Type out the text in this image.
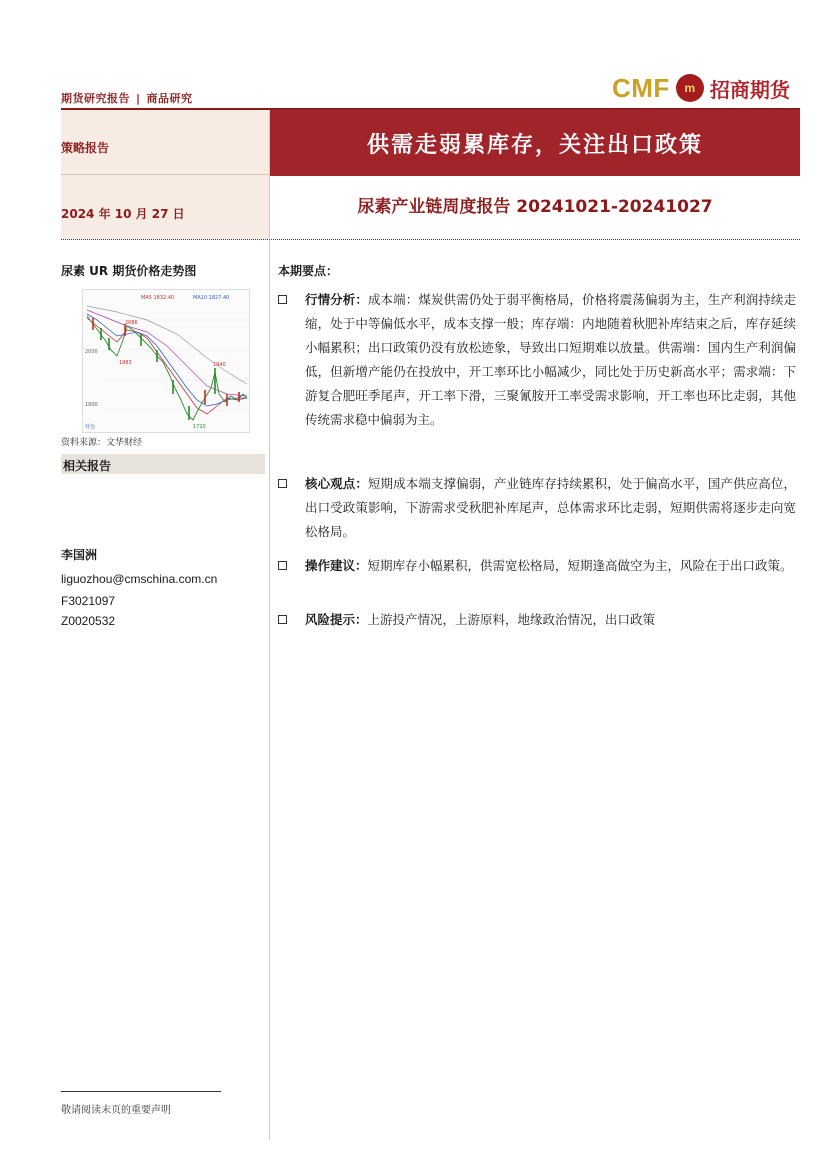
期货研究报告 | 商品研究	CMF	m 招商期货
策略报告
2024 年 10 月 27 日
供需走弱累库存，关注出口政策
尿素产业链周度报告 20241021-20241027
尿素 UR 期货价格走势图
MA5 1832.40	MA10 1827.40
2000
1800
2086
1983	1940
1720
持仓
资料来源：文华财经
相关报告
李国洲
liguozhou@cmschina.com.cn
F3021097
Z0020532
本期要点：
行情分析：成本端：煤炭供需仍处于弱平衡格局，价格将震荡偏弱为主，生产利润持续走缩，处于中等偏低水平，成本支撑一般；库存端：内地随着秋肥补库结束之后，库存延续小幅累积；出口政策仍没有放松迹象，导致出口短期难以放量。供需端：国内生产利润偏低，但新增产能仍在投放中，开工率环比小幅减少，同比处于历史新高水平；需求端：下游复合肥旺季尾声，开工率下滑，三聚氰胺开工率受需求影响，开工率也环比走弱，其他传统需求稳中偏弱为主。
核心观点：短期成本端支撑偏弱，产业链库存持续累积，处于偏高水平，国产供应高位，出口受政策影响，下游需求受秋肥补库尾声，总体需求环比走弱，短期供需将逐步走向宽松格局。
操作建议：短期库存小幅累积，供需宽松格局，短期逢高做空为主，风险在于出口政策。
风险提示：上游投产情况，上游原料，地缘政治情况，出口政策
敬请阅读末页的重要声明
